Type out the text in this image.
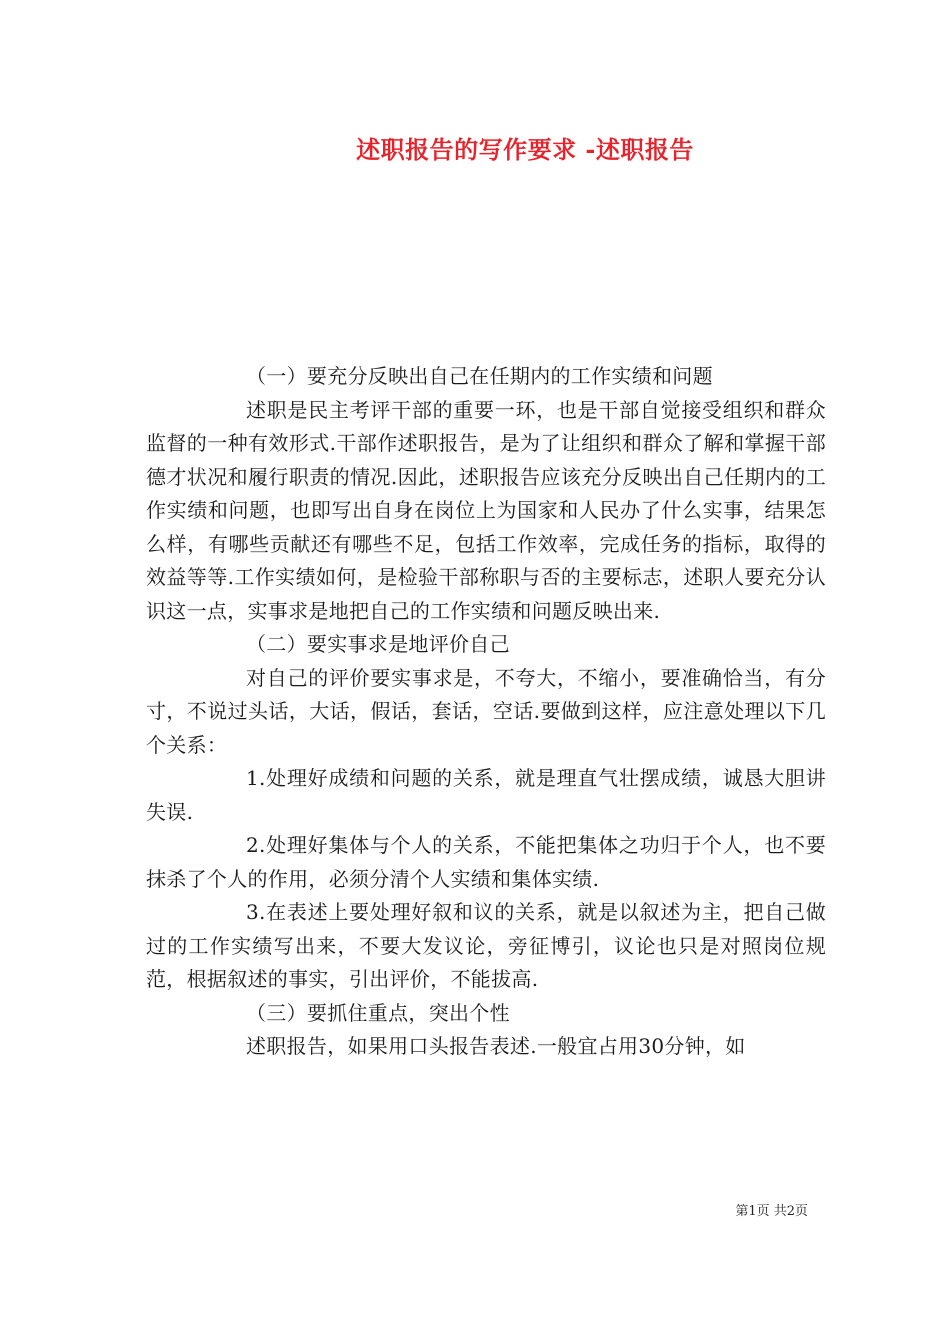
述职报告的写作要求 -述职报告

（一）要充分反映出自己在任期内的工作实绩和问题

述职是民主考评干部的重要一环，也是干部自觉接受组织和群众监督的一种有效形式.干部作述职报告，是为了让组织和群众了解和掌握干部德才状况和履行职责的情况.因此，述职报告应该充分反映出自己任期内的工作实绩和问题，也即写出自身在岗位上为国家和人民办了什么实事，结果怎么样，有哪些贡献还有哪些不足，包括工作效率，完成任务的指标，取得的效益等等.工作实绩如何，是检验干部称职与否的主要标志，述职人要充分认识这一点，实事求是地把自己的工作实绩和问题反映出来.

（二）要实事求是地评价自己

对自己的评价要实事求是，不夸大，不缩小，要准确恰当，有分寸，不说过头话，大话，假话，套话，空话.要做到这样，应注意处理以下几个关系：

1.处理好成绩和问题的关系，就是理直气壮摆成绩，诚恳大胆讲失误.

2.处理好集体与个人的关系，不能把集体之功归于个人，也不要抹杀了个人的作用，必须分清个人实绩和集体实绩.

3.在表述上要处理好叙和议的关系，就是以叙述为主，把自己做过的工作实绩写出来，不要大发议论，旁征博引，议论也只是对照岗位规范，根据叙述的事实，引出评价，不能拔高.

（三）要抓住重点，突出个性

述职报告，如果用口头报告表述.一般宜占用30分钟，如

第1页 共2页
